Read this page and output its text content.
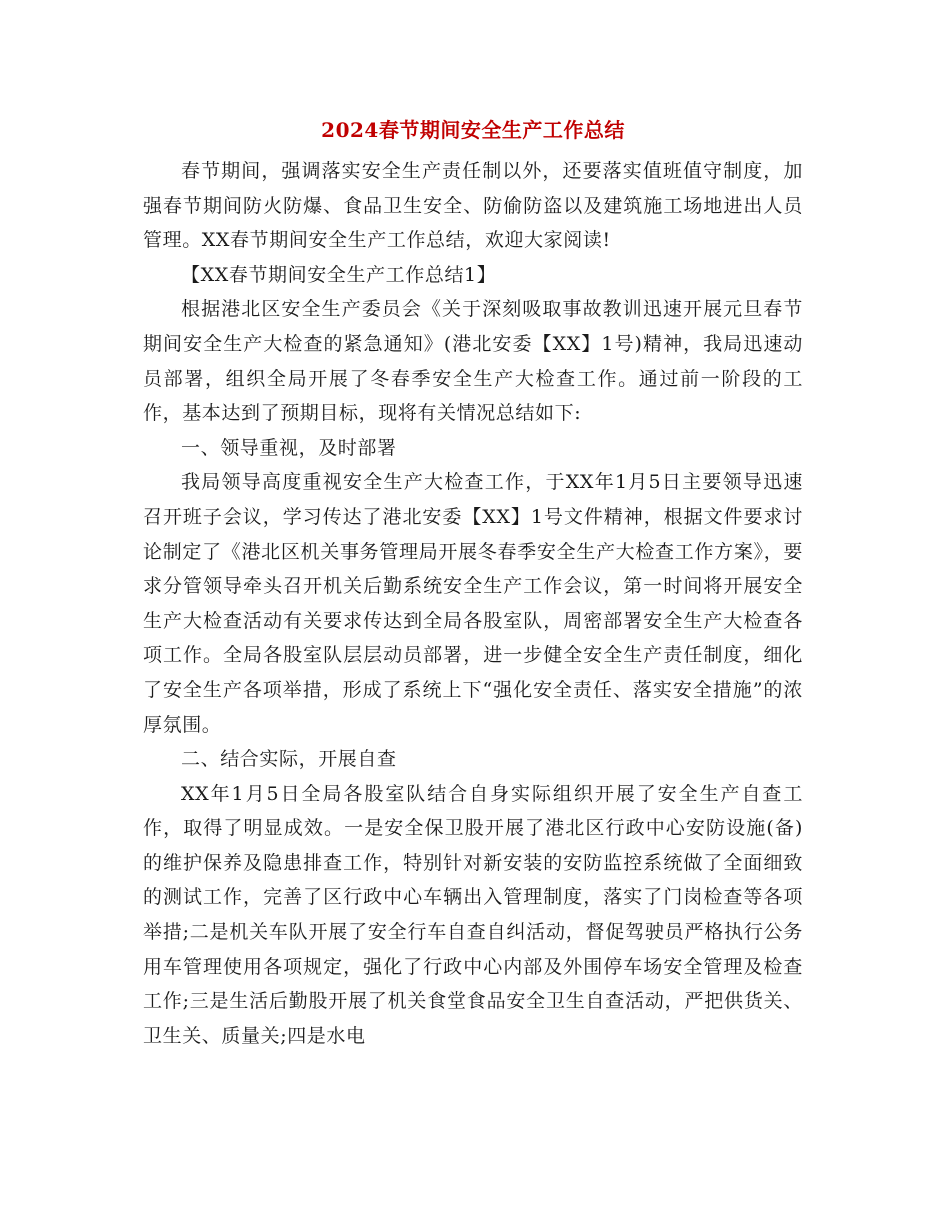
2024春节期间安全生产工作总结

春节期间，强调落实安全生产责任制以外，还要落实值班值守制度，加强春节期间防火防爆、食品卫生安全、防偷防盗以及建筑施工场地进出人员管理。XX春节期间安全生产工作总结，欢迎大家阅读!

【XX春节期间安全生产工作总结1】

根据港北区安全生产委员会《关于深刻吸取事故教训迅速开展元旦春节期间安全生产大检查的紧急通知》(港北安委【XX】1号)精神，我局迅速动员部署，组织全局开展了冬春季安全生产大检查工作。通过前一阶段的工作，基本达到了预期目标，现将有关情况总结如下:

一、领导重视，及时部署

我局领导高度重视安全生产大检查工作，于XX年1月5日主要领导迅速召开班子会议，学习传达了港北安委【XX】1号文件精神，根据文件要求讨论制定了《港北区机关事务管理局开展冬春季安全生产大检查工作方案》，要求分管领导牵头召开机关后勤系统安全生产工作会议，第一时间将开展安全生产大检查活动有关要求传达到全局各股室队，周密部署安全生产大检查各项工作。全局各股室队层层动员部署，进一步健全安全生产责任制度，细化了安全生产各项举措，形成了系统上下“强化安全责任、落实安全措施”的浓厚氛围。

二、结合实际，开展自查

XX年1月5日全局各股室队结合自身实际组织开展了安全生产自查工作，取得了明显成效。一是安全保卫股开展了港北区行政中心安防设施(备)的维护保养及隐患排查工作，特别针对新安装的安防监控系统做了全面细致的测试工作，完善了区行政中心车辆出入管理制度，落实了门岗检查等各项举措;二是机关车队开展了安全行车自查自纠活动，督促驾驶员严格执行公务用车管理使用各项规定，强化了行政中心内部及外围停车场安全管理及检查工作;三是生活后勤股开展了机关食堂食品安全卫生自查活动，严把供货关、卫生关、质量关;四是水电
